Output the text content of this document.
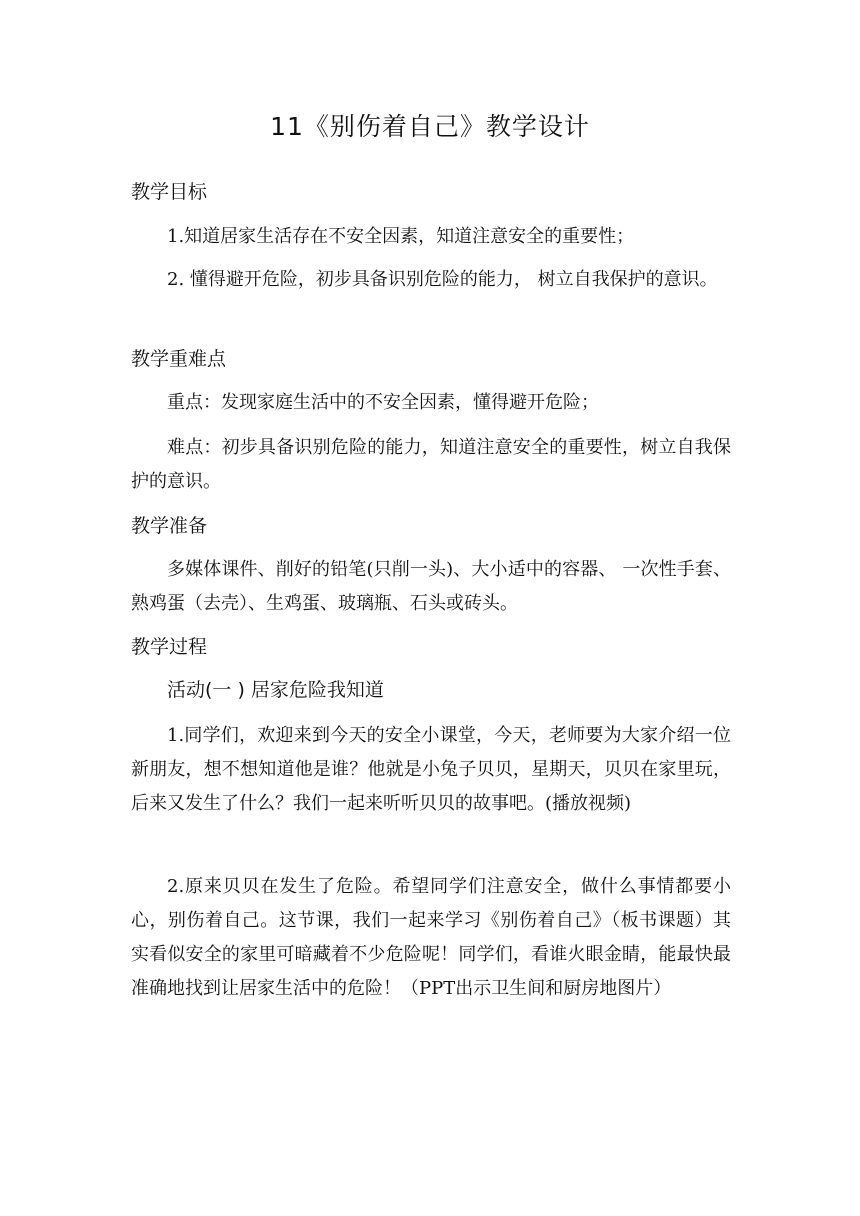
11《别伤着自己》教学设计
教学目标

1.知道居家生活存在不安全因素，知道注意安全的重要性；

2. 懂得避开危险，初步具备识别危险的能力， 树立自我保护的意识。

教学重难点

重点：发现家庭生活中的不安全因素，懂得避开危险；

难点：初步具备识别危险的能力，知道注意安全的重要性，树立自我保护的意识。

教学准备

多媒体课件、削好的铅笔(只削一头)、大小适中的容器、 一次性手套、熟鸡蛋（去壳）、生鸡蛋、玻璃瓶、石头或砖头。

教学过程
活动(一 ) 居家危险我知道

1.同学们，欢迎来到今天的安全小课堂，今天，老师要为大家介绍一位新朋友，想不想知道他是谁？他就是小兔子贝贝，星期天，贝贝在家里玩，后来又发生了什么？我们一起来听听贝贝的故事吧。(播放视频)

2.原来贝贝在发生了危险。希望同学们注意安全，做什么事情都要小心，别伤着自己。这节课，我们一起来学习《别伤着自己》（板书课题）其实看似安全的家里可暗藏着不少危险呢！同学们，看谁火眼金睛，能最快最准确地找到让居家生活中的危险！（PPT出示卫生间和厨房地图片）
